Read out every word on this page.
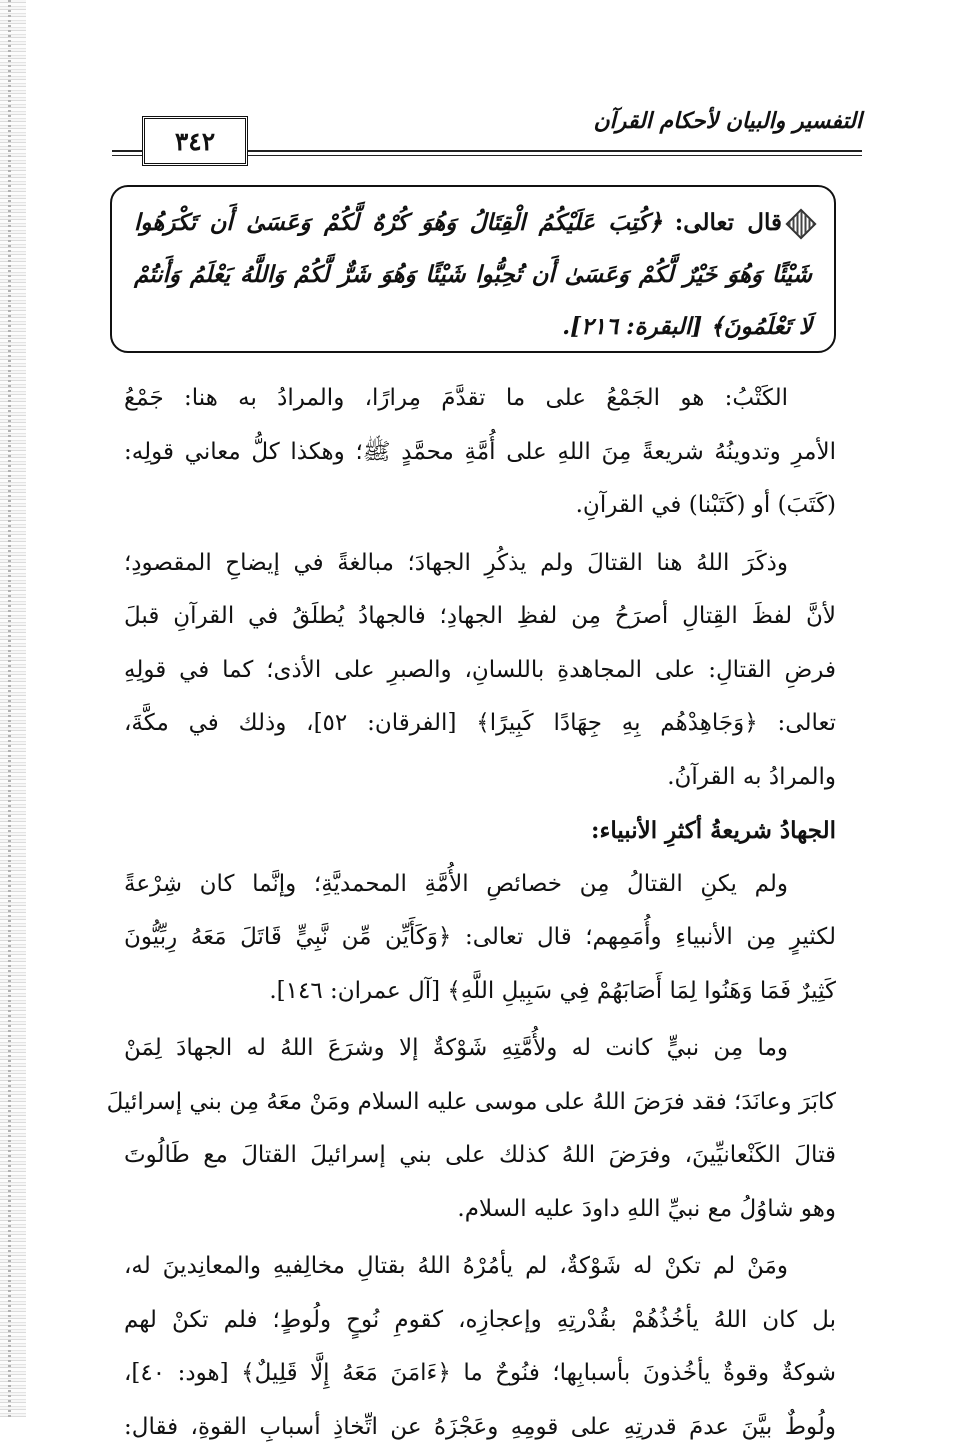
٣٤٢
التفسير والبيان لأحكام القرآن
قال تعالى: ﴿كُتِبَ عَلَيْكُمُ الْقِتَالُ وَهُوَ كُرْهٌ لَّكُمْ وَعَسَىٰ أَن تَكْرَهُوا
شَيْئًا وَهُوَ خَيْرٌ لَّكُمْ وَعَسَىٰ أَن تُحِبُّوا شَيْئًا وَهُوَ شَرٌّ لَّكُمْ وَاللَّهُ يَعْلَمُ وَأَنتُمْ
لَا تَعْلَمُونَ﴾ [البقرة: ٢١٦].
الكَتْبُ: هو الجَمْعُ على ما تقدَّمَ مِرارًا، والمرادُ به هنا: جَمْعُ
الأمرِ وتدوينُهُ شريعةً مِنَ اللهِ على أُمَّةِ محمَّدٍ ﷺ؛ وهكذا كلُّ معاني قولِه:
(كَتَبَ) أو (كَتَبْنا) في القرآنِ.
وذكَرَ اللهُ هنا القتالَ ولم يذكُرِ الجهادَ؛ مبالغةً في إيضاحِ المقصودِ؛
لأنَّ لفظَ القِتالِ أصرَحُ مِن لفظِ الجهادِ؛ فالجهادُ يُطلَقُ في القرآنِ قبلَ
فرضِ القتالِ: على المجاهدةِ باللسانِ، والصبرِ على الأذى؛ كما في قولِهِ
تعالى: ﴿وَجَاهِدْهُم بِهِ جِهَادًا كَبِيرًا﴾ [الفرقان: ٥٢]، وذلك في مكَّةَ،
والمرادُ به القرآنُ.
الجهادُ شريعةُ أكثرِ الأنبياء:
ولم يكنِ القتالُ مِن خصائصِ الأُمَّةِ المحمديَّةِ؛ وإنَّما كان شِرْعةً
لكثيرٍ مِن الأنبياءِ وأُمَمِهم؛ قال تعالى: ﴿وَكَأَيِّن مِّن نَّبِيٍّ قَاتَلَ مَعَهُ رِبِّيُّونَ
كَثِيرٌ فَمَا وَهَنُوا لِمَا أَصَابَهُمْ فِي سَبِيلِ اللَّهِ﴾ [آل عمران: ١٤٦].
وما مِن نبيٍّ كانت له ولأُمَّتِهِ شَوْكةٌ إلا وشرَعَ اللهُ له الجهادَ لِمَنْ
كابَرَ وعانَدَ؛ فقد فرَضَ اللهُ على موسى عليه السلام ومَنْ معَهُ مِن بني إسرائيلَ
قتالَ الكَنْعانيِّينَ، وفرَضَ اللهُ كذلك على بني إسرائيلَ القتالَ مع طَالُوتَ
وهو شاوُلُ مع نبيِّ اللهِ داودَ عليه السلام.
ومَنْ لم تكنْ له شَوْكةٌ، لم يأمُرْهُ اللهُ بقتالِ مخالِفيهِ والمعانِدينَ له،
بل كان اللهُ يأخُذُهُمْ بقُدْرتِهِ وإعجازِه، كقومِ نُوحٍ ولُوطٍ؛ فلم تكنْ لهم
شوكةٌ وقوةٌ يأخُذونَ بأسبابِها؛ فنُوحٌ ما ﴿ءَامَنَ مَعَهُ إِلَّا قَلِيلٌ﴾ [هود: ٤٠]،
ولُوطٌ بيَّنَ عدمَ قدرتِهِ على قومِهِ وعَجْزَهُ عن اتِّخاذِ أسبابِ القوةِ، فقال:
